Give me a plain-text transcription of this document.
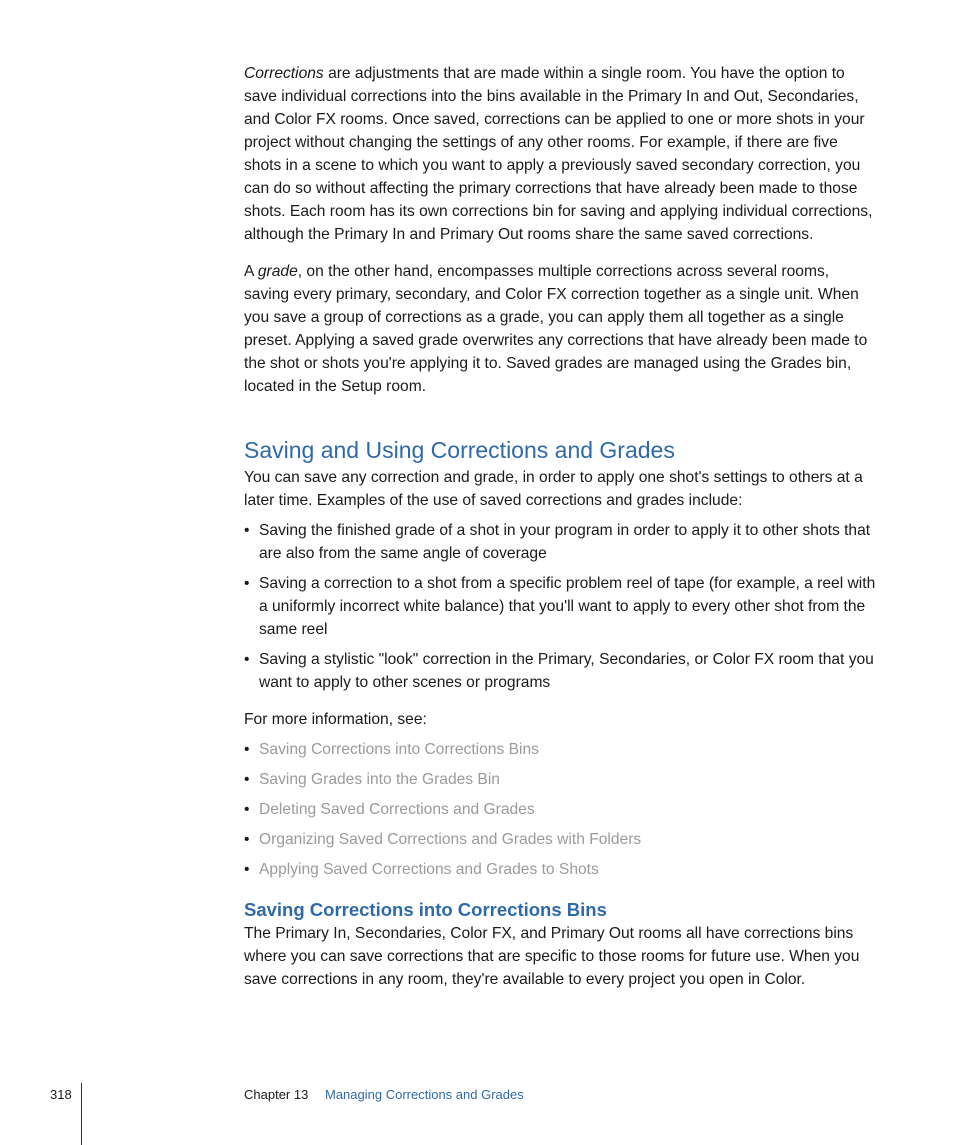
Corrections are adjustments that are made within a single room. You have the option to save individual corrections into the bins available in the Primary In and Out, Secondaries, and Color FX rooms. Once saved, corrections can be applied to one or more shots in your project without changing the settings of any other rooms. For example, if there are five shots in a scene to which you want to apply a previously saved secondary correction, you can do so without affecting the primary corrections that have already been made to those shots. Each room has its own corrections bin for saving and applying individual corrections, although the Primary In and Primary Out rooms share the same saved corrections.

A grade, on the other hand, encompasses multiple corrections across several rooms, saving every primary, secondary, and Color FX correction together as a single unit. When you save a group of corrections as a grade, you can apply them all together as a single preset. Applying a saved grade overwrites any corrections that have already been made to the shot or shots you're applying it to. Saved grades are managed using the Grades bin, located in the Setup room.

Saving and Using Corrections and Grades

You can save any correction and grade, in order to apply one shot's settings to others at a later time. Examples of the use of saved corrections and grades include:

• Saving the finished grade of a shot in your program in order to apply it to other shots that are also from the same angle of coverage
• Saving a correction to a shot from a specific problem reel of tape (for example, a reel with a uniformly incorrect white balance) that you'll want to apply to every other shot from the same reel
• Saving a stylistic "look" correction in the Primary, Secondaries, or Color FX room that you want to apply to other scenes or programs

For more information, see:

• Saving Corrections into Corrections Bins
• Saving Grades into the Grades Bin
• Deleting Saved Corrections and Grades
• Organizing Saved Corrections and Grades with Folders
• Applying Saved Corrections and Grades to Shots
Saving Corrections into Corrections Bins

The Primary In, Secondaries, Color FX, and Primary Out rooms all have corrections bins where you can save corrections that are specific to those rooms for future use. When you save corrections in any room, they're available to every project you open in Color.

318	Chapter 13 Managing Corrections and Grades
